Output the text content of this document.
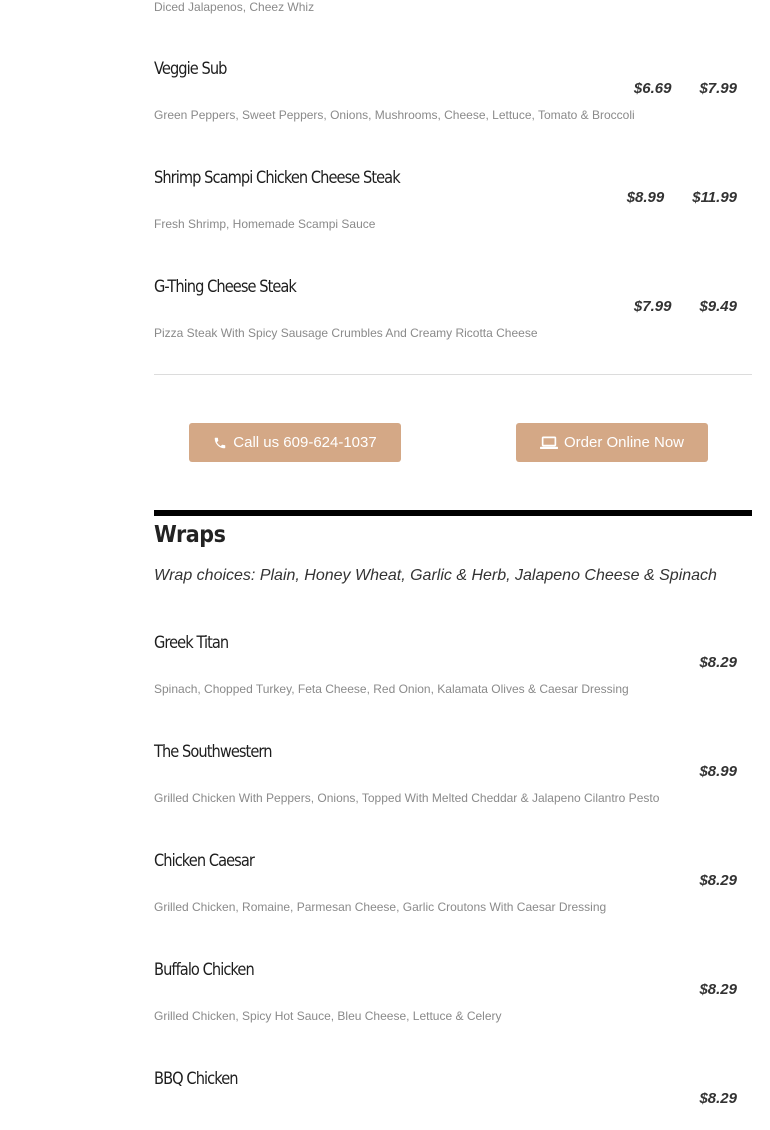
Diced Jalapenos, Cheez Whiz
Veggie Sub
$6.69 $7.99
Green Peppers, Sweet Peppers, Onions, Mushrooms, Cheese, Lettuce, Tomato & Broccoli
Shrimp Scampi Chicken Cheese Steak
$8.99 $11.99
Fresh Shrimp, Homemade Scampi Sauce
G-Thing Cheese Steak
$7.99 $9.49
Pizza Steak With Spicy Sausage Crumbles And Creamy Ricotta Cheese
Call us 609-624-1037	Order Online Now
Wraps
Wrap choices: Plain, Honey Wheat, Garlic & Herb, Jalapeno Cheese & Spinach
Greek Titan
$8.29
Spinach, Chopped Turkey, Feta Cheese, Red Onion, Kalamata Olives & Caesar Dressing
The Southwestern
$8.99
Grilled Chicken With Peppers, Onions, Topped With Melted Cheddar & Jalapeno Cilantro Pesto
Chicken Caesar
$8.29
Grilled Chicken, Romaine, Parmesan Cheese, Garlic Croutons With Caesar Dressing
Buffalo Chicken
$8.29
Grilled Chicken, Spicy Hot Sauce, Bleu Cheese, Lettuce & Celery
BBQ Chicken
$8.29
